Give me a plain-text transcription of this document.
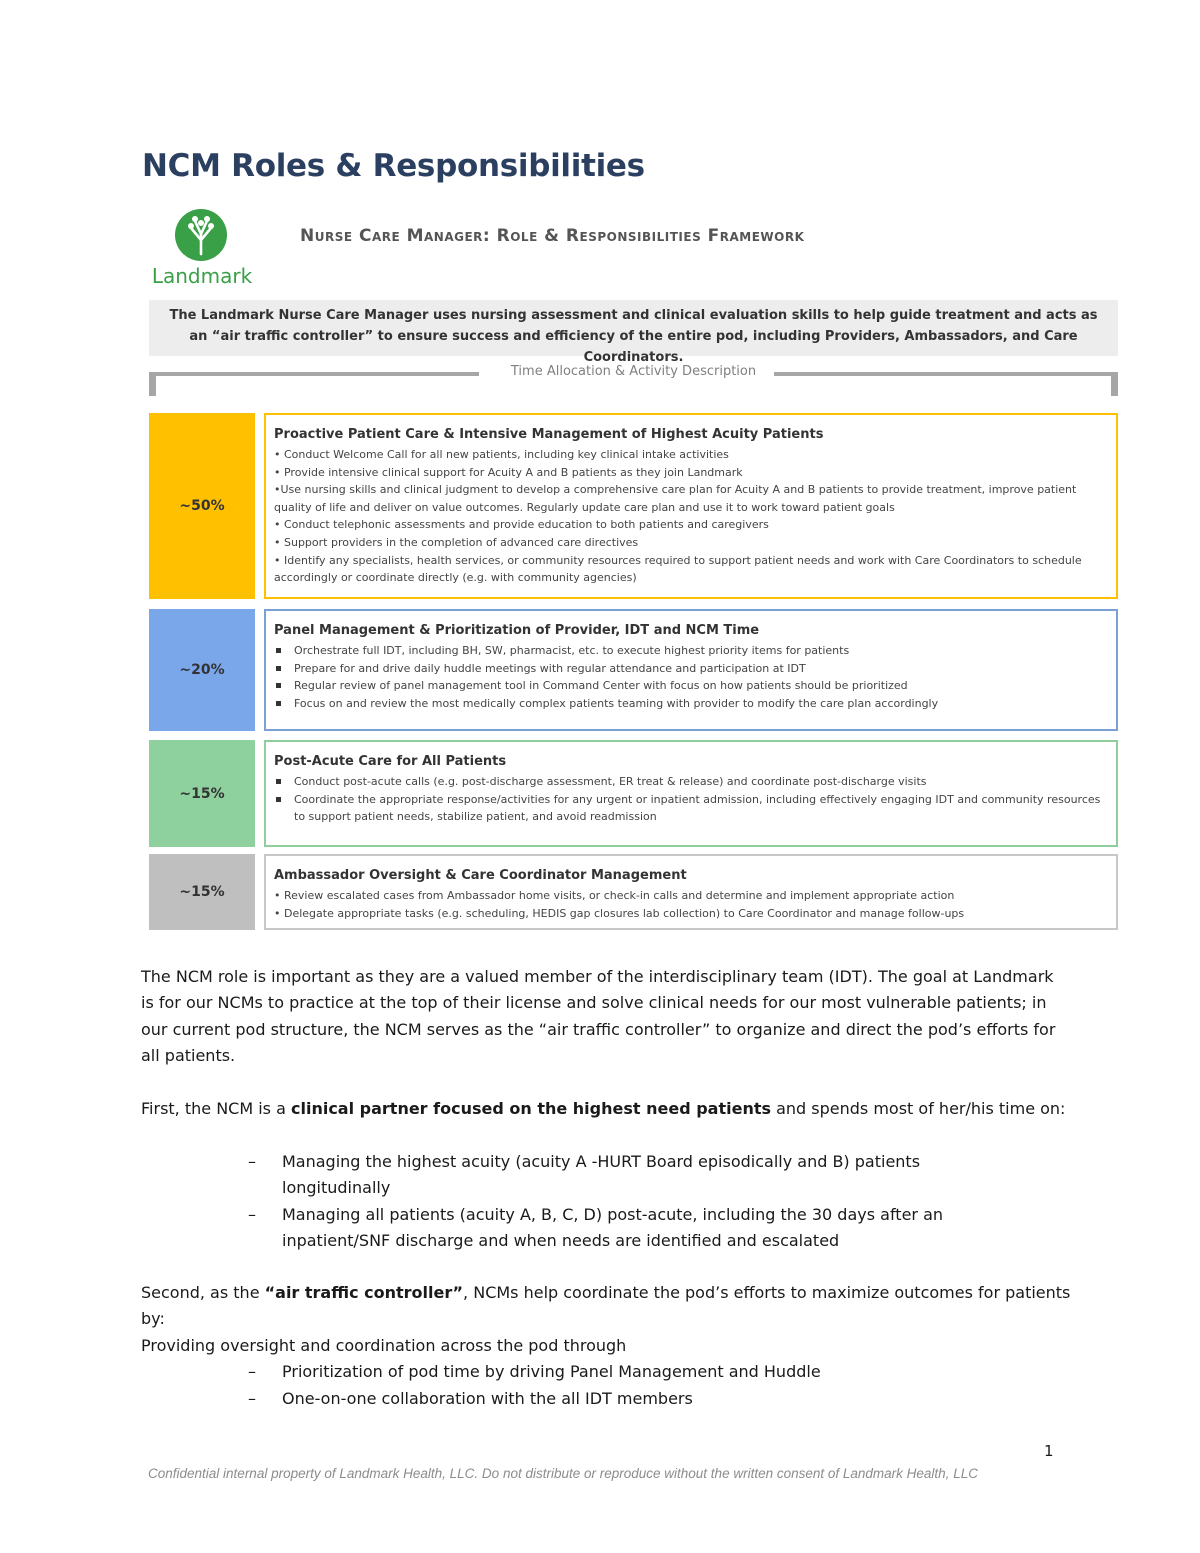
NCM Roles & Responsibilities
Landmark
Nurse Care Manager: Role & Responsibilities Framework
The Landmark Nurse Care Manager uses nursing assessment and clinical evaluation skills to help guide treatment and acts as an “air traffic controller” to ensure success and efficiency of the entire pod, including Providers, Ambassadors, and Care Coordinators.
Time Allocation & Activity Description
~50%
Proactive Patient Care & Intensive Management of Highest Acuity Patients
• Conduct Welcome Call for all new patients, including key clinical intake activities
• Provide intensive clinical support for Acuity A and B patients as they join Landmark
•Use nursing skills and clinical judgment to develop a comprehensive care plan for Acuity A and B patients to provide treatment, improve patient quality of life and deliver on value outcomes. Regularly update care plan and use it to work toward patient goals
• Conduct telephonic assessments and provide education to both patients and caregivers
• Support providers in the completion of advanced care directives
• Identify any specialists, health services, or community resources required to support patient needs and work with Care Coordinators to schedule accordingly or coordinate directly (e.g. with community agencies)
~20%
Panel Management & Prioritization of Provider, IDT and NCM Time
Orchestrate full IDT, including BH, SW, pharmacist, etc. to execute highest priority items for patients
Prepare for and drive daily huddle meetings with regular attendance and participation at IDT
Regular review of panel management tool in Command Center with focus on how patients should be prioritized
Focus on and review the most medically complex patients teaming with provider to modify the care plan accordingly
~15%
Post-Acute Care for All Patients
Conduct post-acute calls (e.g. post-discharge assessment, ER treat & release) and coordinate post-discharge visits
Coordinate the appropriate response/activities for any urgent or inpatient admission, including effectively engaging IDT and community resources to support patient needs, stabilize patient, and avoid readmission
~15%
Ambassador Oversight & Care Coordinator Management
• Review escalated cases from Ambassador home visits, or check-in calls and determine and implement appropriate action
• Delegate appropriate tasks (e.g. scheduling, HEDIS gap closures lab collection) to Care Coordinator and manage follow-ups

The NCM role is important as they are a valued member of the interdisciplinary team (IDT). The goal at Landmark is for our NCMs to practice at the top of their license and solve clinical needs for our most vulnerable patients; in our current pod structure, the NCM serves as the “air traffic controller” to organize and direct the pod’s efforts for all patients.

First, the NCM is a clinical partner focused on the highest need patients and spends most of her/his time on:

–	Managing the highest acuity (acuity A -HURT Board episodically and B) patients longitudinally
–	Managing all patients (acuity A, B, C, D) post-acute, including the 30 days after an inpatient/SNF discharge and when needs are identified and escalated

Second, as the “air traffic controller”, NCMs help coordinate the pod’s efforts to maximize outcomes for patients by:

Providing oversight and coordination across the pod through

–	Prioritization of pod time by driving Panel Management and Huddle
–	One-on-one collaboration with the all IDT members
1

Confidential internal property of Landmark Health, LLC. Do not distribute or reproduce without the written consent of Landmark Health, LLC
